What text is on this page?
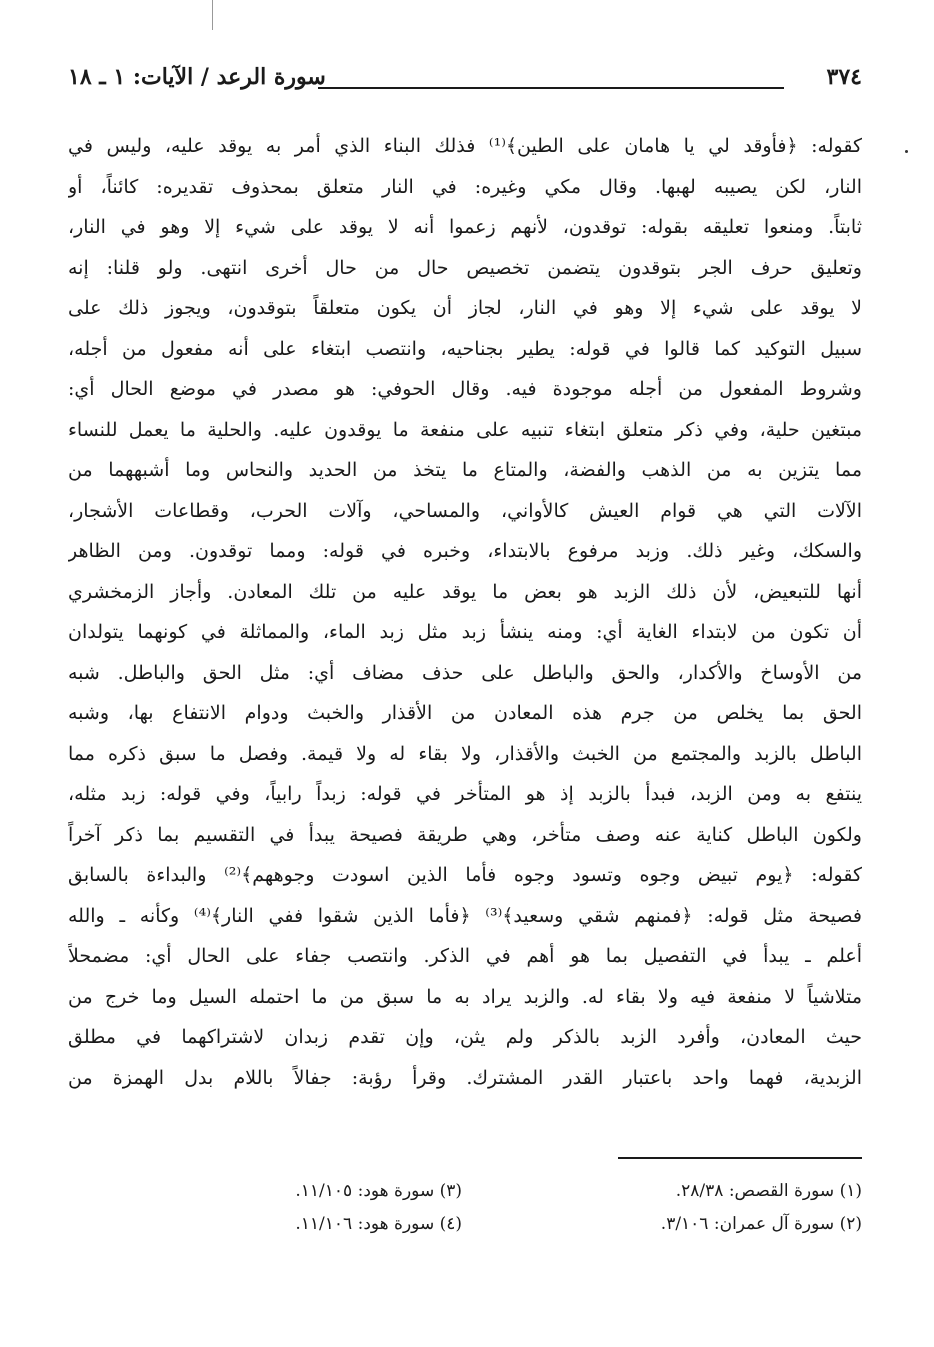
٣٧٤
سورة الرعد / الآيات: ١ ـ ١٨
كقوله: ﴿فأوقد لي يا هامان على الطين﴾⁽¹⁾ فذلك البناء الذي أمر به يوقد عليه، وليس في
النار، لكن يصيبه لهبها. وقال مكي وغيره: في النار متعلق بمحذوف تقديره: كائناً، أو
ثابتاً. ومنعوا تعليقه بقوله: توقدون، لأنهم زعموا أنه لا يوقد على شيء إلا وهو في النار،
وتعليق حرف الجر بتوقدون يتضمن تخصيص حال من حال أخرى انتهى. ولو قلنا: إنه
لا يوقد على شيء إلا وهو في النار، لجاز أن يكون متعلقاً بتوقدون، ويجوز ذلك على
سبيل التوكيد كما قالوا في قوله: يطير بجناحيه، وانتصب ابتغاء على أنه مفعول من أجله،
وشروط المفعول من أجله موجودة فيه. وقال الحوفي: هو مصدر في موضع الحال أي:
مبتغين حلية، وفي ذكر متعلق ابتغاء تنبيه على منفعة ما يوقدون عليه. والحلية ما يعمل للنساء
مما يتزين به من الذهب والفضة، والمتاع ما يتخذ من الحديد والنحاس وما أشبههما من
الآلات التي هي قوام العيش كالأواني، والمساحي، وآلات الحرب، وقطاعات الأشجار،
والسكك، وغير ذلك. وزبد مرفوع بالابتداء، وخبره في قوله: ومما توقدون. ومن الظاهر
أنها للتبعيض، لأن ذلك الزبد هو بعض ما يوقد عليه من تلك المعادن. وأجاز الزمخشري
أن تكون من لابتداء الغاية أي: ومنه ينشأ زبد مثل زبد الماء، والمماثلة في كونهما يتولدان
من الأوساخ والأكدار، والحق والباطل على حذف مضاف أي: مثل الحق والباطل. شبه
الحق بما يخلص من جرم هذه المعادن من الأقذار والخبث ودوام الانتفاع بها، وشبه
الباطل بالزبد والمجتمع من الخبث والأقذار، ولا بقاء له ولا قيمة. وفصل ما سبق ذكره مما
ينتفع به ومن الزبد، فبدأ بالزبد إذ هو المتأخر في قوله: زبداً رابياً، وفي قوله: زبد مثله،
ولكون الباطل كناية عنه وصف متأخر، وهي طريقة فصيحة يبدأ في التقسيم بما ذكر آخراً
كقوله: ﴿يوم تبيض وجوه وتسود وجوه فأما الذين اسودت وجوههم﴾⁽²⁾ والبداءة بالسابق
فصيحة مثل قوله: ﴿فمنهم شقي وسعيد﴾⁽³⁾ ﴿فأما الذين شقوا ففي النار﴾⁽⁴⁾ وكأنه ـ والله
أعلم ـ يبدأ في التفصيل بما هو أهم في الذكر. وانتصب جفاء على الحال أي: مضمحلاً
متلاشياً لا منفعة فيه ولا بقاء له. والزبد يراد به ما سبق من ما احتمله السيل وما خرج من
حيث المعادن، وأفرد الزبد بالذكر ولم يثن، وإن تقدم زبدان لاشتراكهما في مطلق
الزبدية، فهما واحد باعتبار القدر المشترك. وقرأ رؤبة: جفالاً باللام بدل الهمزة من
(١) سورة القصص: ٢٨/٣٨.
(٢) سورة آل عمران: ٣/١٠٦.
(٣) سورة هود: ١١/١٠٥.
(٤) سورة هود: ١١/١٠٦.
